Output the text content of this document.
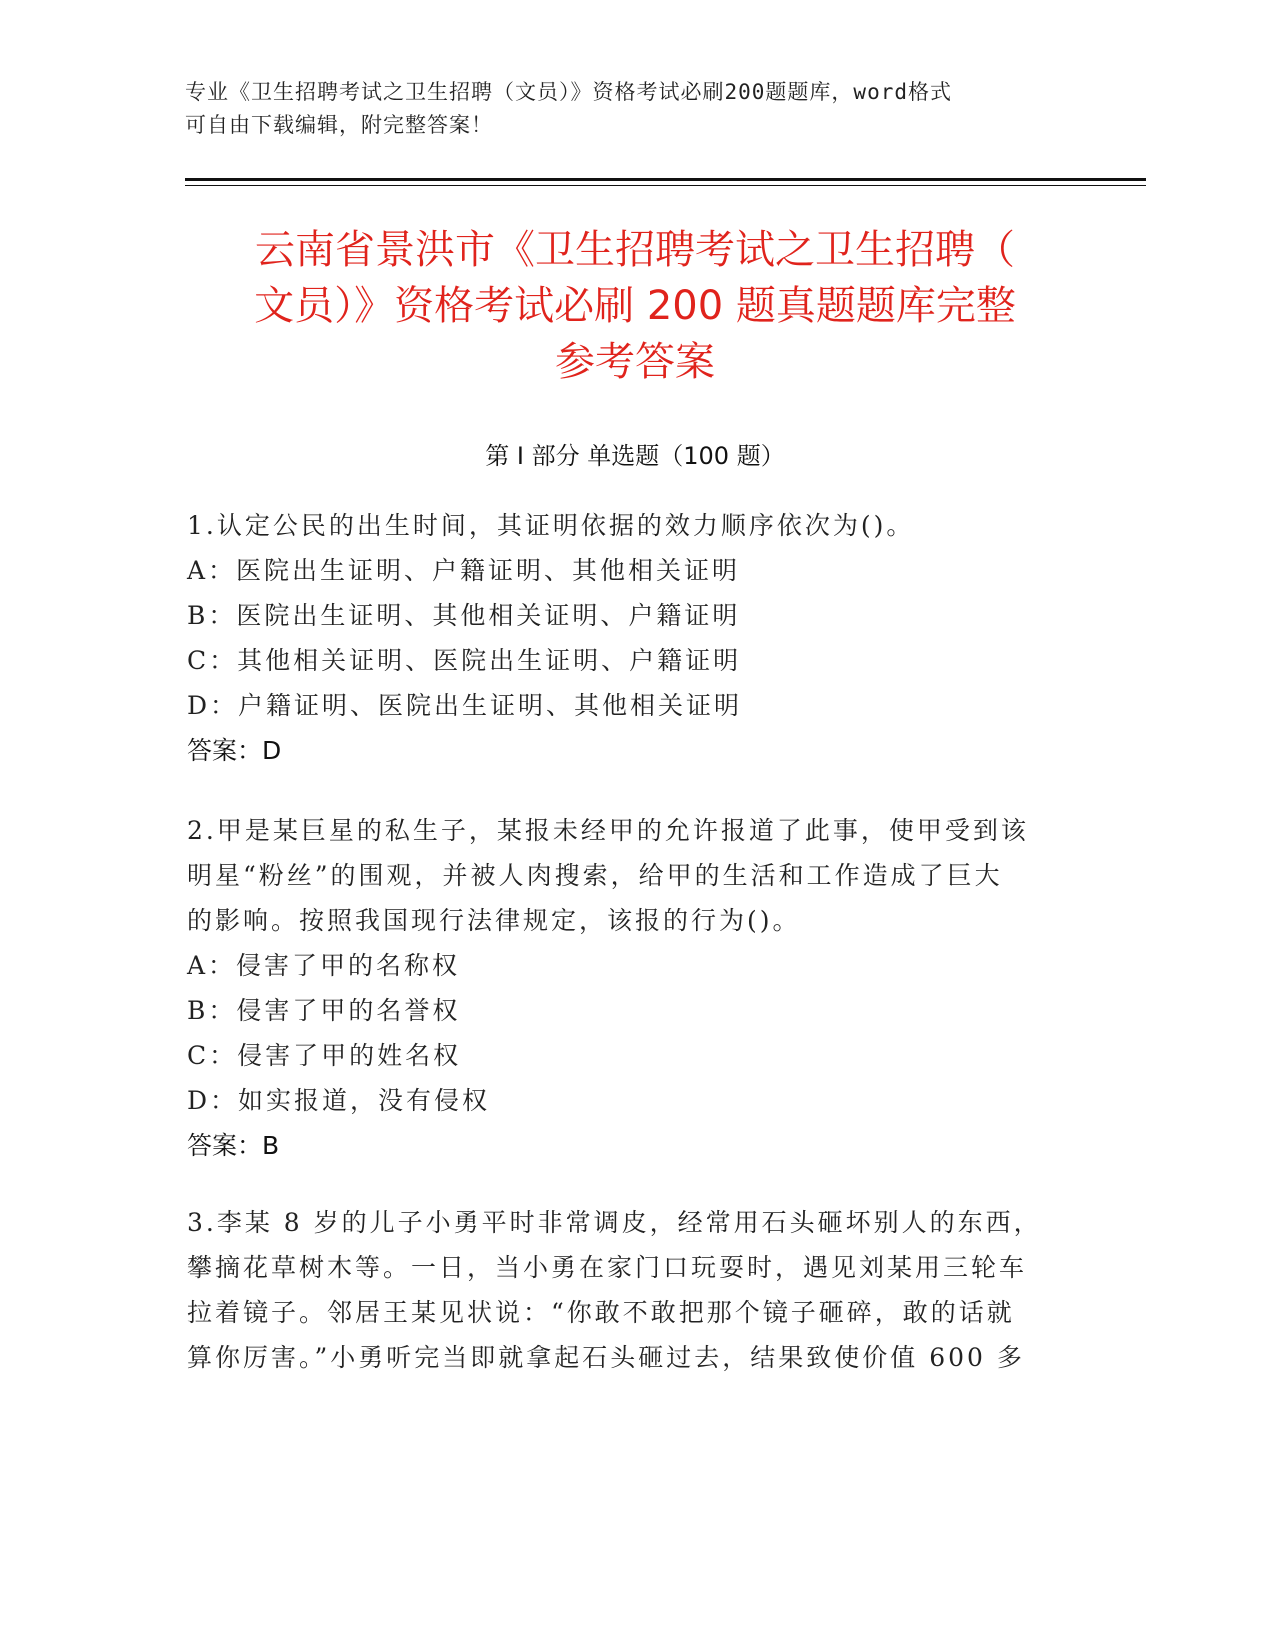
专业《卫生招聘考试之卫生招聘（文员）》资格考试必刷200题题库，word格式
可自由下载编辑，附完整答案！
云南省景洪市《卫生招聘考试之卫生招聘（
文员）》资格考试必刷 200 题真题题库完整
参考答案
第 I 部分 单选题（100 题）
1.认定公民的出生时间，其证明依据的效力顺序依次为()。
A：医院出生证明、户籍证明、其他相关证明
B：医院出生证明、其他相关证明、户籍证明
C：其他相关证明、医院出生证明、户籍证明
D：户籍证明、医院出生证明、其他相关证明
答案：D
2.甲是某巨星的私生子，某报未经甲的允许报道了此事，使甲受到该
明星“粉丝”的围观，并被人肉搜索，给甲的生活和工作造成了巨大
的影响。按照我国现行法律规定，该报的行为()。
A：侵害了甲的名称权
B：侵害了甲的名誉权
C：侵害了甲的姓名权
D：如实报道，没有侵权
答案：B
3.李某 8 岁的儿子小勇平时非常调皮，经常用石头砸坏别人的东西，
攀摘花草树木等。一日，当小勇在家门口玩耍时，遇见刘某用三轮车
拉着镜子。邻居王某见状说：“你敢不敢把那个镜子砸碎，敢的话就
算你厉害。”小勇听完当即就拿起石头砸过去，结果致使价值 600 多
